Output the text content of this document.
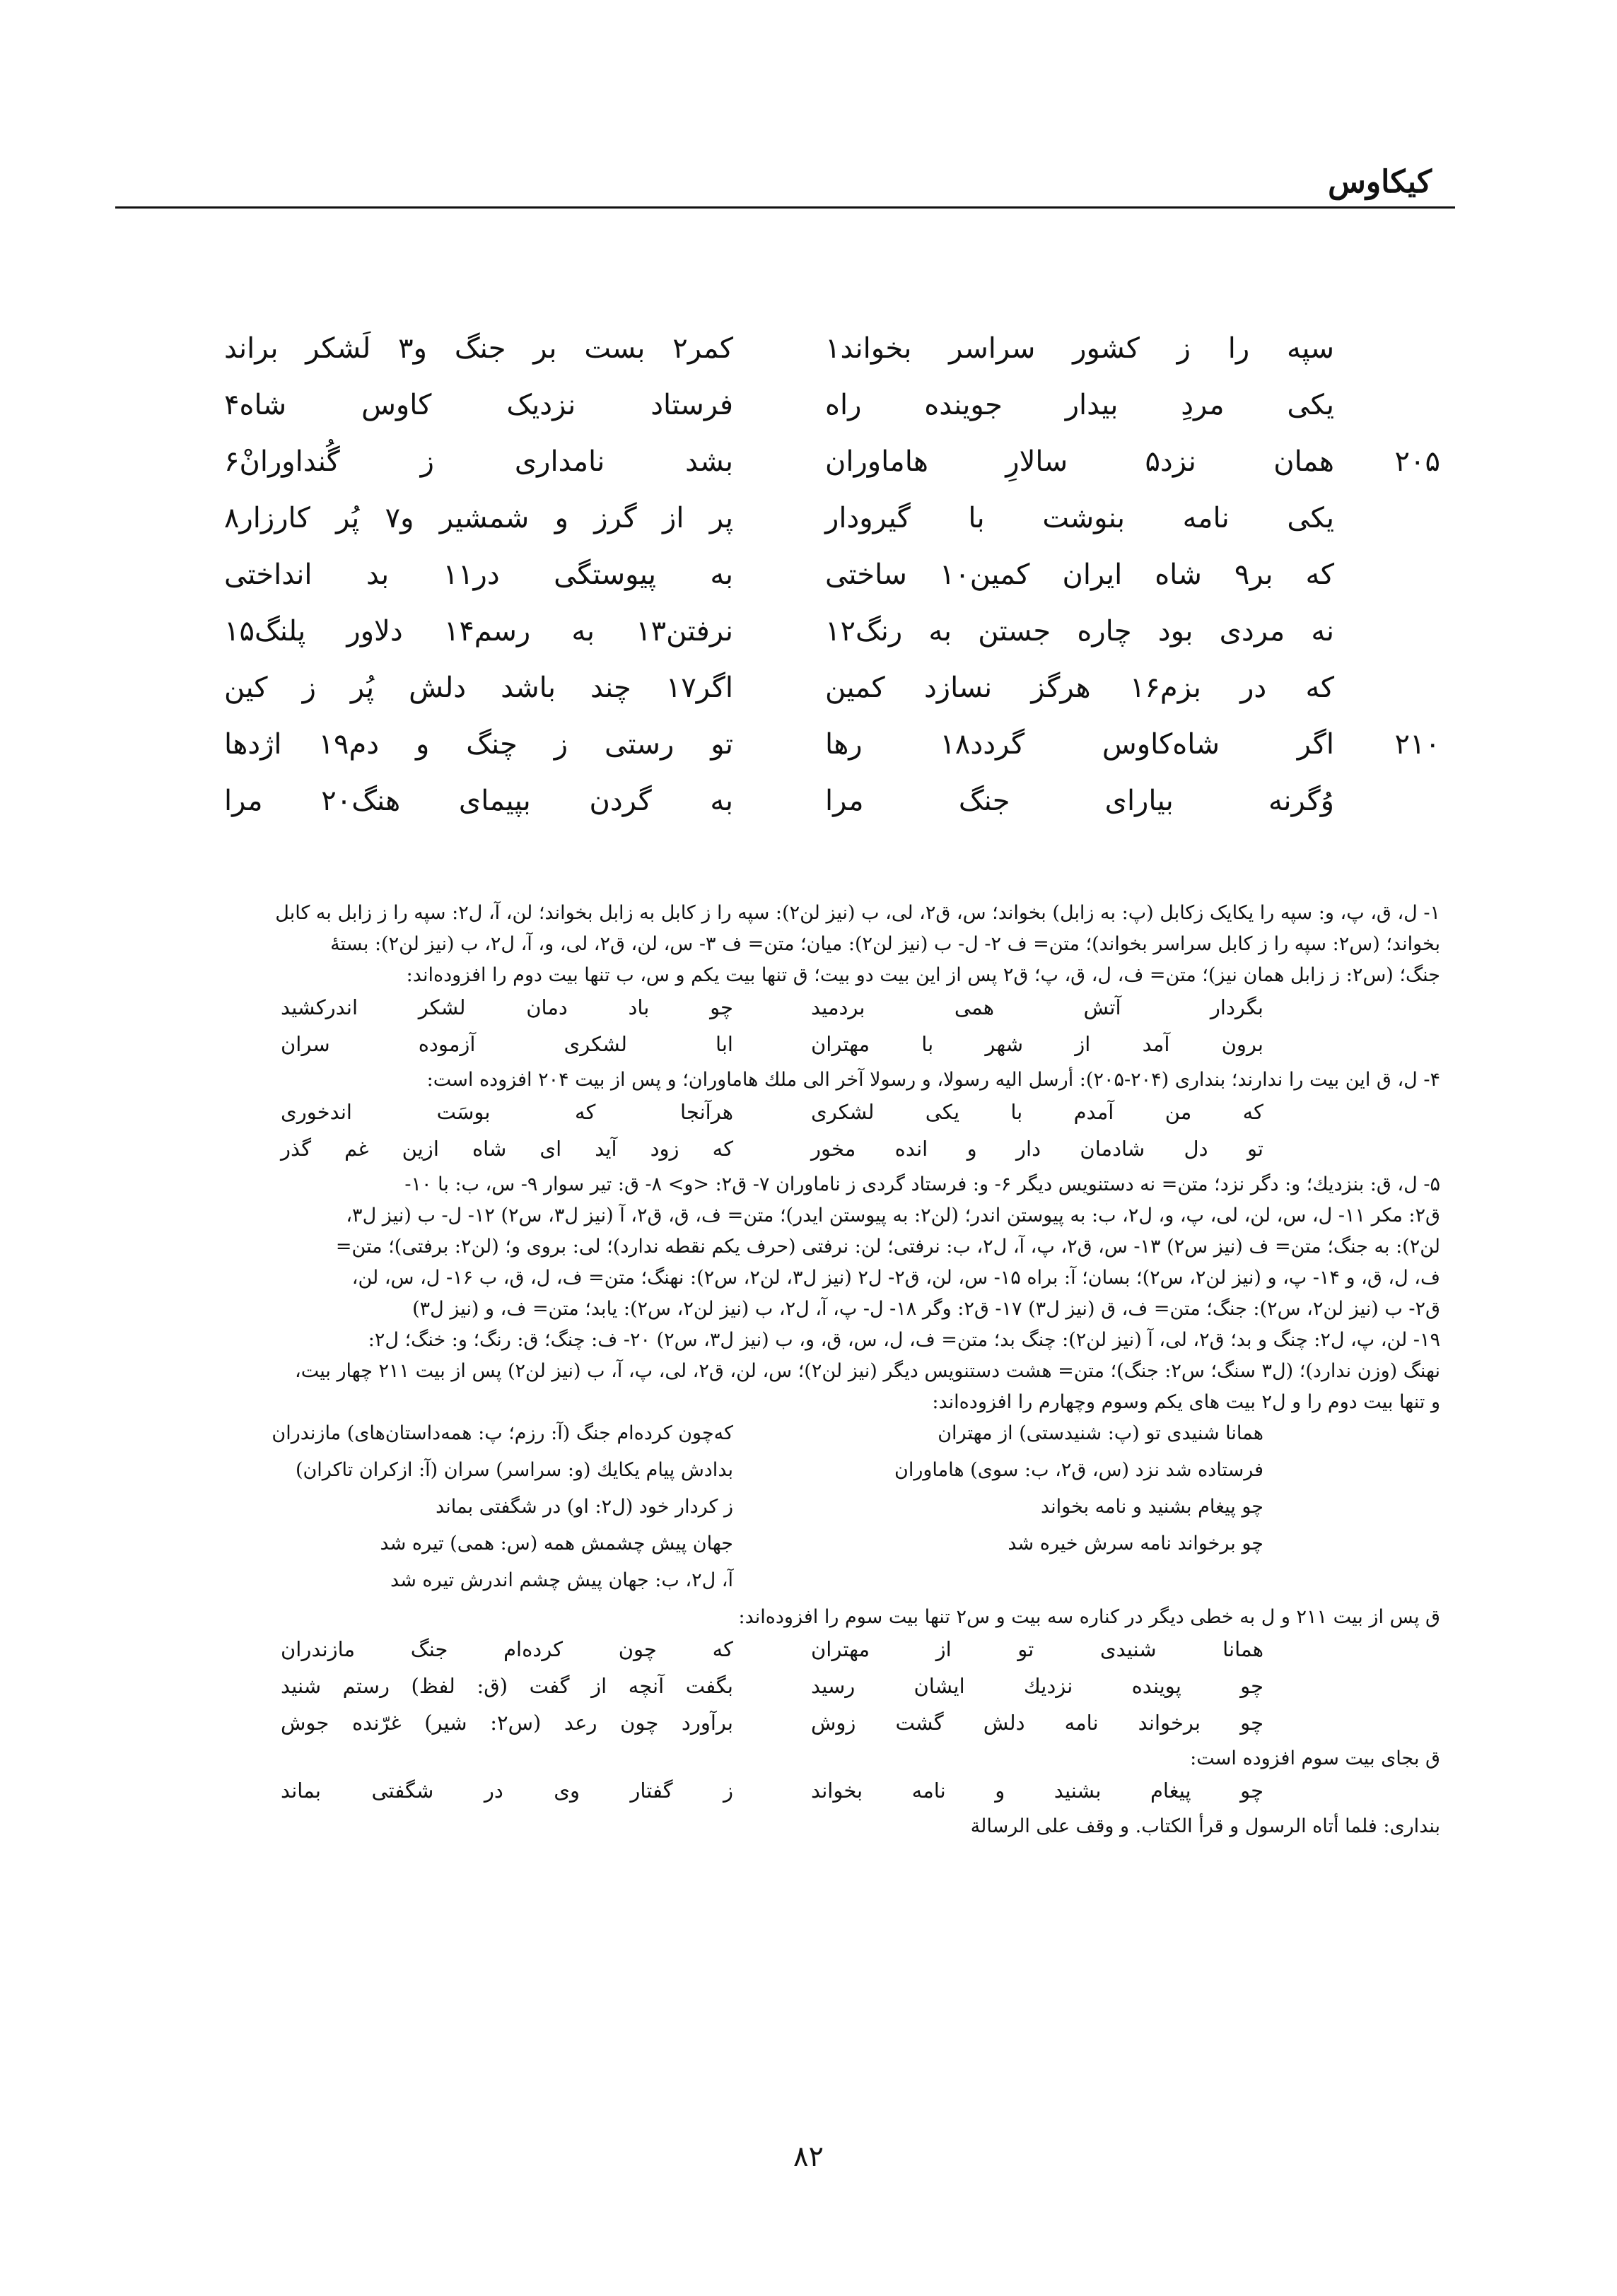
کیکاوس
سپه را ز کشور سراسر بخواند۱
کمر۲ بست بر جنگ و۳ لَشکر براند
یکی مردِ بیدار جوینده راه
فرستاد نزدیک کاوس شاه۴
۲۰۵
همان نزد۵ سالارِ هاماوران
بشد نامداری ز گُنداورانْ۶
یکی نامه بنوشت با گیرودار
پر از گرز و شمشیر و۷ پُر کارزار۸
که بر۹ شاه ایران کمین۱۰ ساختی
به پیوستگی در۱۱ بد انداختی
نه مردی بود چاره جستن به رنگ۱۲
نرفتن۱۳ به رسم۱۴ دلاور پلنگ۱۵
که در بزم۱۶ هرگز نسازد کمین
اگر۱۷ چند باشد دلش پُر ز کین
۲۱۰
اگر شاه‌کاوس گردد۱۸ رها
تو رستی ز چنگ و دم۱۹ اژدها
وُگرنه بیارای جنگ مرا
به گردن بپیمای هنگ۲۰ مرا
۱- ل، ق، پ، و: سپه را یکایک زکابل (پ: به زابل) بخواند؛ س، ق۲، لی، ب (نیز لن۲): سپه را ز کابل به زابل بخواند؛ لن، آ، ل۲: سپه را ز زابل به کابل
بخواند؛ (س۲: سپه را ز کابل سراسر بخواند)؛ متن= ف ۲- ل- ب (نیز لن۲): میان؛ متن= ف ۳- س، لن، ق۲، لی، و، آ، ل۲، ب (نیز لن۲): بستهٔ
جنگ؛ (س۲: ز زابل همان نیز)؛ متن= ف، ل، ق، پ؛ ق۲ پس از این بیت دو بیت؛ ق تنها بیت یکم و س، ب تنها بیت دوم را افزوده‌اند:
بگردار آتش همی بردمید
چو باد دمان لشکر اندرکشید
برون آمد از شهر با مهتران
ابا لشکری آزموده سران
۴- ل، ق این بیت را ندارند؛ بنداری (۲۰۴-۲۰۵): أرسل الیه رسولا، و رسولا آخر الی ملك هاماوران؛ و پس از بیت ۲۰۴ افزوده است:
که من آمدم با یکی لشکری
هرآنجا که بوسَت اندخوری
تو دل شادمان دار و انده مخور
که زود آید ای شاه ازین غم گذر
۵- ل، ق: بنزدیك؛ و: دگر نزد؛ متن= نه دستنویس دیگر ۶- و: فرستاد گردی ز ناماوران ۷- ق۲: <و> ۸- ق: تیر سوار ۹- س، ب: با ۱۰-
ق۲: مکر ۱۱- ل، س، لن، لی، پ، و، ل۲، ب: به پیوستن اندر؛ (لن۲: به پیوستن ایدر)؛ متن= ف، ق، ق۲، آ (نیز ل۳، س۲) ۱۲- ل- ب (نیز ل۳،
لن۲): به جنگ؛ متن= ف (نیز س۲) ۱۳- س، ق۲، پ، آ، ل۲، ب: نرفتی؛ لن: نرفتی (حرف یکم نقطه ندارد)؛ لی: بروی و؛ (لن۲: برفتی)؛ متن=
ف، ل، ق، و ۱۴- پ، و (نیز لن۲، س۲)؛ بسان؛ آ: براه ۱۵- س، لن، ق۲- ل۲ (نیز ل۳، لن۲، س۲): نهنگ؛ متن= ف، ل، ق، ب ۱۶- ل، س، لن،
ق۲- ب (نیز لن۲، س۲): جنگ؛ متن= ف، ق (نیز ل۳) ۱۷- ق۲: وگر ۱۸- ل- پ، آ، ل۲، ب (نیز لن۲، س۲): یابد؛ متن= ف، و (نیز ل۳)
۱۹- لن، پ، ل۲: چنگ و بد؛ ق۲، لی، آ (نیز لن۲): چنگ بد؛ متن= ف، ل، س، ق، و، ب (نیز ل۳، س۲) ۲۰- ف: چنگ؛ ق: رنگ؛ و: خنگ؛ ل۲:
نهنگ (وزن ندارد)؛ (ل۳ سنگ؛ س۲: جنگ)؛ متن= هشت دستنویس دیگر (نیز لن۲)؛ س، لن، ق۲، لی، پ، آ، ب (نیز لن۲) پس از بیت ۲۱۱ چهار بیت،
و تنها بیت دوم را و ل۲ بیت های یکم وسوم وچهارم را افزوده‌اند:
همانا شنیدی تو (پ: شنیدستی) از مهتران
که‌چون کرده‌ام جنگ (آ: رزم؛ پ: همه‌داستان‌های) مازندران
فرستاده شد نزد (س، ق۲، ب: سوی) هاماوران
بدادش پیام یکایك (و: سراسر) سران (آ: ازکران تاکران)
چو پیغام بشنید و نامه بخواند
ز کردار خود (ل۲: او) در شگفتی بماند
چو برخواند نامه سرش خیره شد
جهان پیش چشمش همه (س: همی) تیره شد
آ، ل۲، ب: جهان پیش چشم اندرش تیره شد
ق پس از بیت ۲۱۱ و ل به خطی دیگر در کناره سه بیت و س۲ تنها بیت سوم را افزوده‌اند:
همانا شنیدی تو از مهتران
که چون کرده‌ام جنگ مازندران
چو پوینده نزدیك ایشان رسید
بگفت آنچه از گفت (ق: لفظ) رستم شنید
چو برخواند نامه دلش گشت زوش
برآورد چون رعد (س۲: شیر) غرّنده جوش
ق بجای بیت سوم افزوده است:
چو پیغام بشنید و نامه بخواند
ز گفتار وی در شگفتی بماند
بنداری: فلما أتاه الرسول و قرأ الكتاب. و وقف على الرسالة
۸۲
